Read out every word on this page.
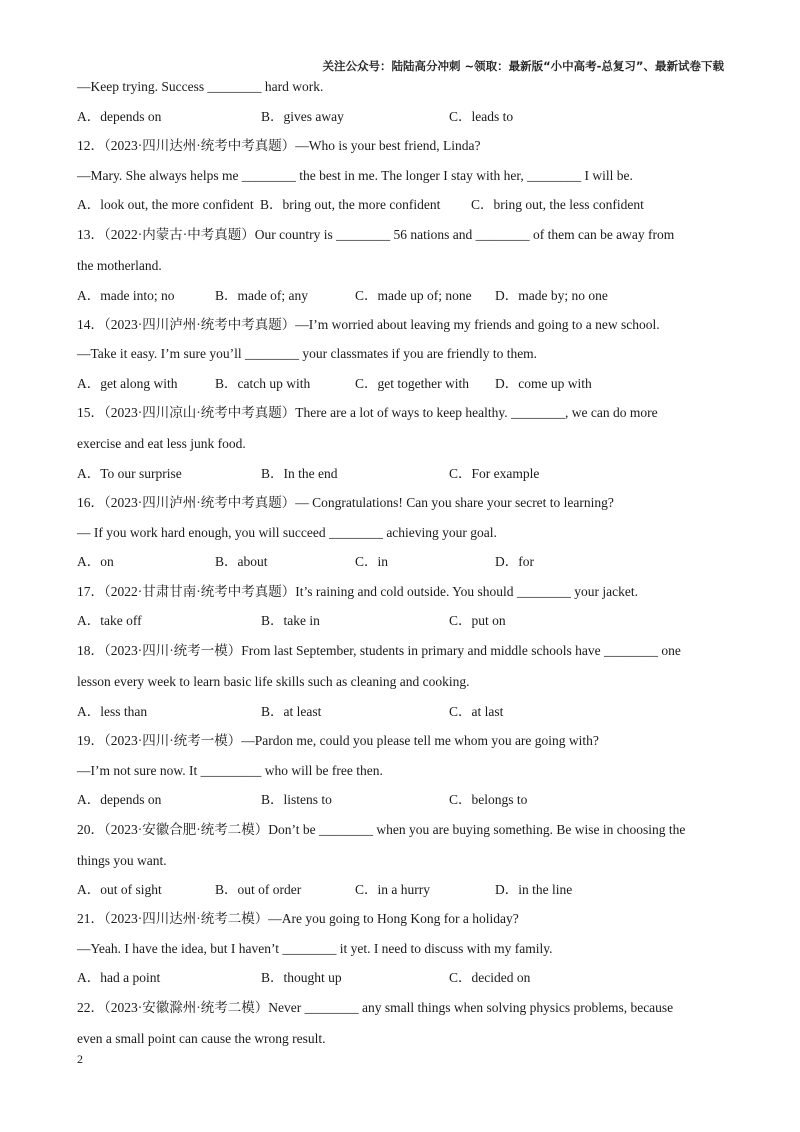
关注公众号：陆陆高分冲刺 ~领取：最新版“小中高考-总复习”、最新试卷下载
—Keep trying. Success ________ hard work.
A．depends on	B．gives away	C．leads to
12．（2023·四川达州·统考中考真题）—Who is your best friend, Linda?
—Mary. She always helps me ________ the best in me. The longer I stay with her, ________ I will be.
A．look out, the more confident B．bring out, the more confident C．bring out, the less confident
13．（2022·内蒙古·中考真题）Our country is ________ 56 nations and ________ of them can be away from
the motherland.
A．made into; no	B．made of; any	C．made up of; none D．made by; no one
14．（2023·四川泸州·统考中考真题）—I’m worried about leaving my friends and going to a new school.
—Take it easy. I’m sure you’ll ________ your classmates if you are friendly to them.
A．get along with	B．catch up with	C．get together with D．come up with
15．（2023·四川凉山·统考中考真题）There are a lot of ways to keep healthy. ________, we can do more
exercise and eat less junk food.
A．To our surprise	B．In the end	C．For example
16．（2023·四川泸州·统考中考真题）— Congratulations! Can you share your secret to learning?
— If you work hard enough, you will succeed ________ achieving your goal.
A．on	B．about	C．in	D．for
17．（2022·甘肃甘南·统考中考真题）It’s raining and cold outside. You should ________ your jacket.
A．take off	B．take in	C．put on
18．（2023·四川·统考一模）From last September, students in primary and middle schools have ________ one
lesson every week to learn basic life skills such as cleaning and cooking.
A．less than	B．at least	C．at last
19．（2023·四川·统考一模）—Pardon me, could you please tell me whom you are going with?
—I’m not sure now. It _________ who will be free then.
A．depends on	B．listens to	C．belongs to
20．（2023·安徽合肥·统考二模）Don’t be ________ when you are buying something. Be wise in choosing the
things you want.
A．out of sight	B．out of order	C．in a hurry	D．in the line
21．（2023·四川达州·统考二模）—Are you going to Hong Kong for a holiday?
—Yeah. I have the idea, but I haven’t ________ it yet. I need to discuss with my family.
A．had a point	B．thought up	C．decided on
22．（2023·安徽滁州·统考二模）Never ________ any small things when solving physics problems, because
even a small point can cause the wrong result.
2
